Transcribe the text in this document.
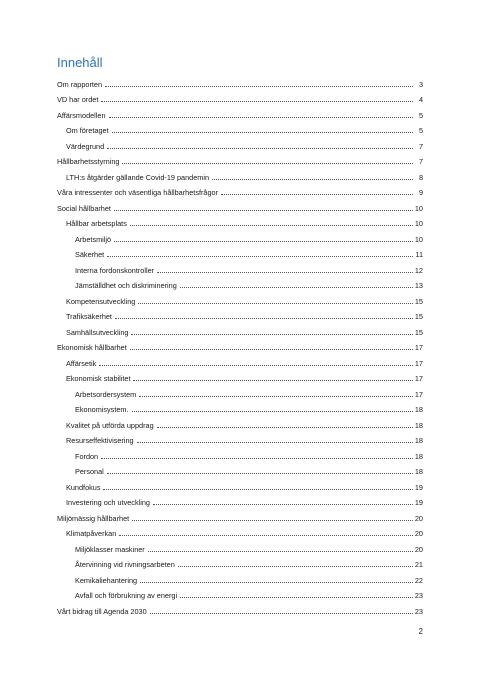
Innehåll
Om rapporten	3
VD har ordet	4
Affärsmodellen	5
Om företaget	5
Värdegrund	7
Hållbarhetsstyrning	7
LTH:s åtgärder gällande Covid-19 pandemin	8
Våra intressenter och väsentliga hållbarhetsfrågor	9
Social hållbarhet	10
Hållbar arbetsplats	10
Arbetsmiljö	10
Säkerhet	11
Interna fordonskontroller	12
Jämställdhet och diskriminering	13
Kompetensutveckling	15
Trafiksäkerhet	15
Samhällsutveckling	15
Ekonomisk hållbarhet	17
Affärsetik	17
Ekonomisk stabilitet	17
Arbetsordersystem	17
Ekonomisystem.	18
Kvalitet på utförda uppdrag	18
Resurseffektivisering	18
Fordon	18
Personal	18
Kundfokus	19
Investering och utveckling	19
Miljömässig hållbarhet	20
Klimatpåverkan	20
Miljöklasser maskiner	20
Återvinning vid rivningsarbeten	21
Kemikaliehantering	22
Avfall och förbrukning av energi	23
Vårt bidrag till Agenda 2030	23
2
